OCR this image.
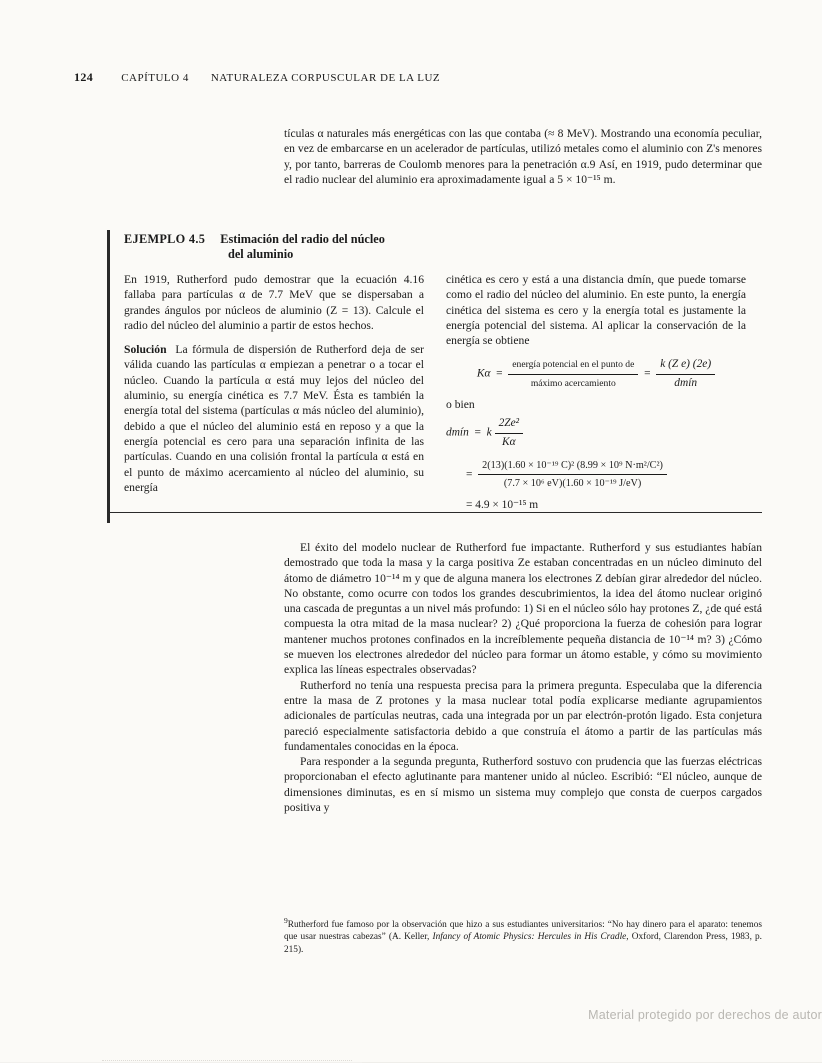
124	CAPÍTULO 4 NATURALEZA CORPUSCULAR DE LA LUZ
tículas α naturales más energéticas con las que contaba (≈ 8 MeV). Mostrando una economía peculiar, en vez de embarcarse en un acelerador de partículas, utilizó metales como el aluminio con Z's menores y, por tanto, barreras de Coulomb menores para la penetración α.9 Así, en 1919, pudo determinar que el radio nuclear del aluminio era aproximadamente igual a 5 × 10⁻¹⁵ m.
EJEMPLO 4.5 Estimación del radio del núcleo
del aluminio

En 1919, Rutherford pudo demostrar que la ecuación 4.16 fallaba para partículas α de 7.7 MeV que se dispersaban a grandes ángulos por núcleos de aluminio (Z = 13). Calcule el radio del núcleo del aluminio a partir de estos hechos.

Solución La fórmula de dispersión de Rutherford deja de ser válida cuando las partículas α empiezan a penetrar o a tocar el núcleo. Cuando la partícula α está muy lejos del núcleo del aluminio, su energía cinética es 7.7 MeV. Ésta es también la energía total del sistema (partículas α más núcleo del aluminio), debido a que el núcleo del aluminio está en reposo y a que la energía potencial es cero para una separación infinita de las partículas. Cuando en una colisión frontal la partícula α está en el punto de máximo acercamiento al núcleo del aluminio, su energía

cinética es cero y está a una distancia dmín, que puede tomarse como el radio del núcleo del aluminio. En este punto, la energía cinética del sistema es cero y la energía total es justamente la energía potencial del sistema. Al aplicar la conservación de la energía se obtiene

$K\alpha = \frac{\text{energía potencial en el punto de}}{\text{máximo acercamiento}} = \frac{\text{k (Z e) (2e)}}{\text{dmín}}$

o bien

dmín  =  k $\frac{\text{2Ze²}}{K\alpha}$
= $\frac{\text{2(13)(1.60 × 10⁻¹⁹ C)² (8.99 × 10⁹ N·m²/C²)}}{\text{(7.7 × 10⁶ eV)(1.60 × 10⁻¹⁹ J/eV)}}$
= 4.9 × 10⁻¹⁵ m

El éxito del modelo nuclear de Rutherford fue impactante. Rutherford y sus estudiantes habían demostrado que toda la masa y la carga positiva Ze estaban concentradas en un núcleo diminuto del átomo de diámetro 10⁻¹⁴ m y que de alguna manera los electrones Z debían girar alrededor del núcleo. No obstante, como ocurre con todos los grandes descubrimientos, la idea del átomo nuclear originó una cascada de preguntas a un nivel más profundo: 1) Si en el núcleo sólo hay protones Z, ¿de qué está compuesta la otra mitad de la masa nuclear? 2) ¿Qué proporciona la fuerza de cohesión para lograr mantener muchos protones confinados en la increíblemente pequeña distancia de 10⁻¹⁴ m? 3) ¿Cómo se mueven los electrones alrededor del núcleo para formar un átomo estable, y cómo su movimiento explica las líneas espectrales observadas?

Rutherford no tenía una respuesta precisa para la primera pregunta. Especulaba que la diferencia entre la masa de Z protones y la masa nuclear total podía explicarse mediante agrupamientos adicionales de partículas neutras, cada una integrada por un par electrón-protón ligado. Esta conjetura pareció especialmente satisfactoria debido a que construía el átomo a partir de las partículas más fundamentales conocidas en la época.

Para responder a la segunda pregunta, Rutherford sostuvo con prudencia que las fuerzas eléctricas proporcionaban el efecto aglutinante para mantener unido al núcleo. Escribió: “El núcleo, aunque de dimensiones diminutas, es en sí mismo un sistema muy complejo que consta de cuerpos cargados positiva y

$^9$Rutherford fue famoso por la observación que hizo a sus estudiantes universitarios: “No hay dinero para el aparato: tenemos que usar nuestras cabezas” (A. Keller, Infancy of Atomic Physics: Hercules in His Cradle, Oxford, Clarendon Press, 1983, p. 215).
Material protegido por derechos de autor
